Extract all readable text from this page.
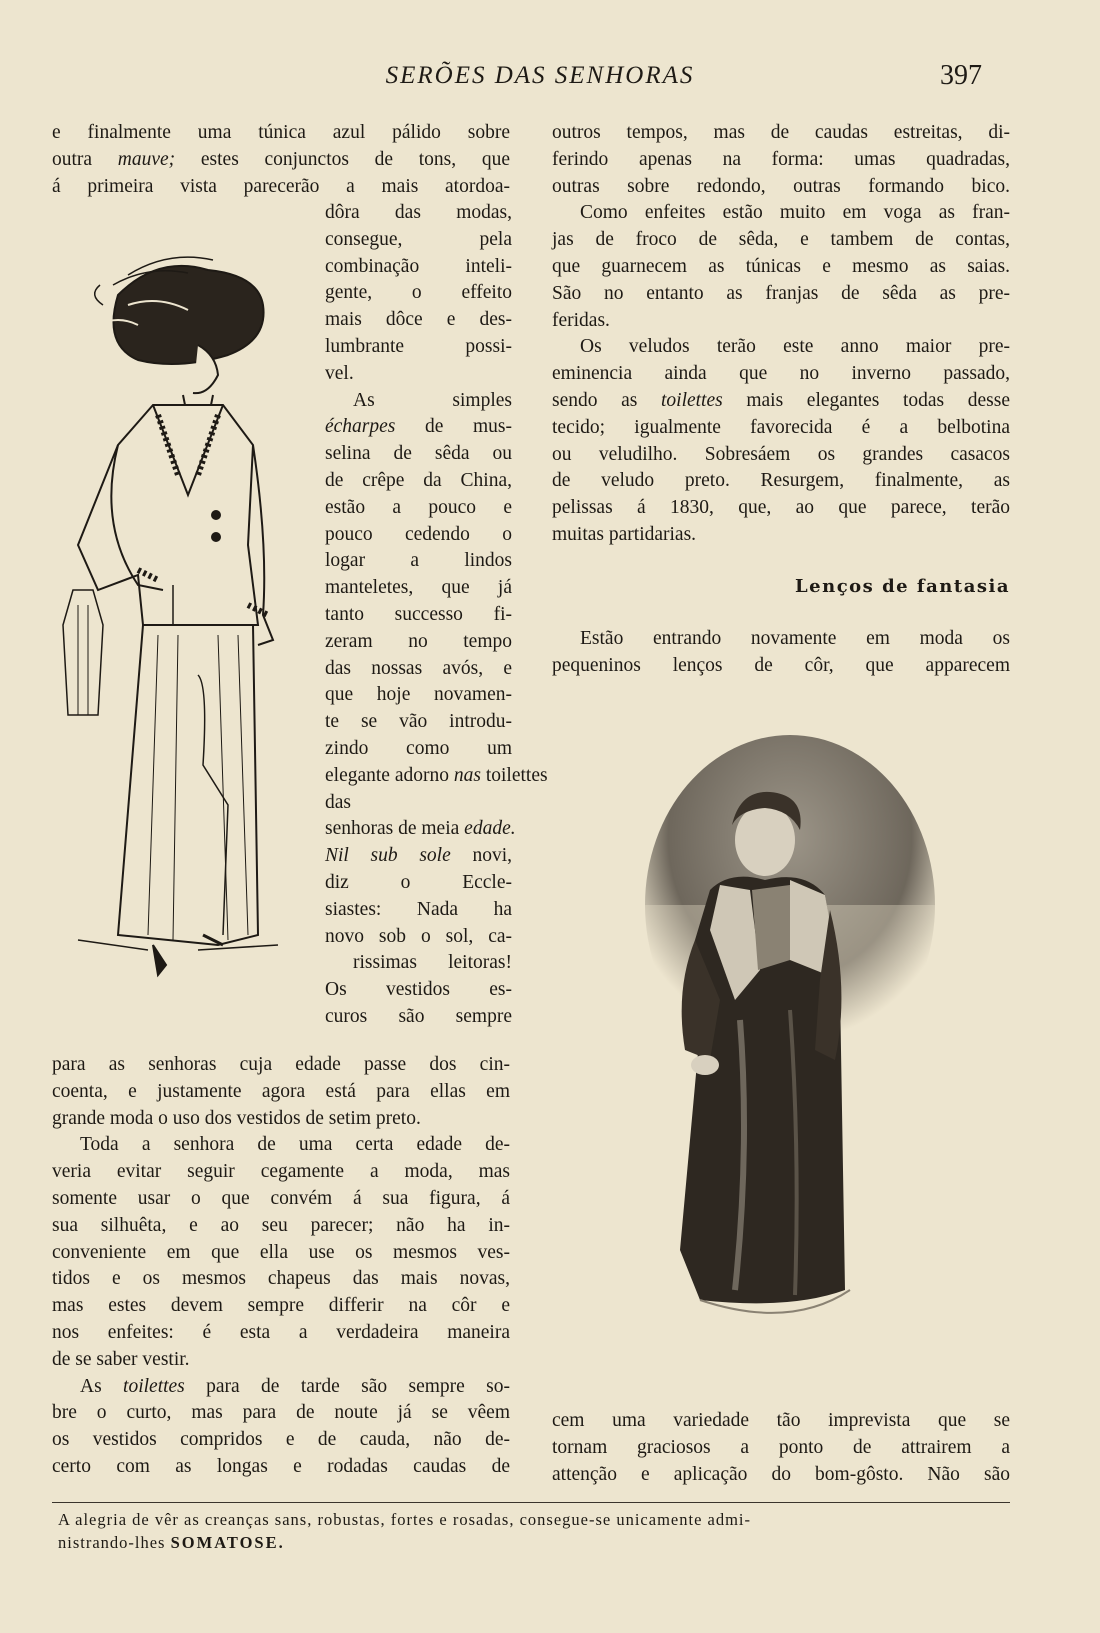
SERÕES DAS SENHORAS	397
e finalmente uma túnica azul pálido sobre
outra mauve; estes conjunctos de tons, que
á primeira vista parecerão a mais atordoa-
dôra das modas,
consegue, pela
combinação inteli-
gente, o effeito
mais dôce e des-
lumbrante possi-
vel.
As simples
écharpes de mus-
selina de sêda ou
de crêpe da China,
estão a pouco e
pouco cedendo o
logar a lindos
manteletes, que já
tanto successo fi-
zeram no tempo
das nossas avós, e
que hoje novamen-
te se vão introdu-
zindo como um
elegante adorno nas toilettes
das
senhoras de meia edade.
Nil sub sole novi,
diz o Eccle-
siastes: Nada ha
novo sob o sol, ca-
rissimas leitoras!
Os vestidos es-
curos são sempre
para as senhoras cuja edade passe dos cin-
coenta, e justamente agora está para ellas em
grande moda o uso dos vestidos de setim preto.
Toda a senhora de uma certa edade de-
veria evitar seguir cegamente a moda, mas
somente usar o que convém á sua figura, á
sua silhuêta, e ao seu parecer; não ha in-
conveniente em que ella use os mesmos ves-
tidos e os mesmos chapeus das mais novas,
mas estes devem sempre differir na côr e
nos enfeites: é esta a verdadeira maneira
de se saber vestir.
As toilettes para de tarde são sempre so-
bre o curto, mas para de noute já se vêem
os vestidos compridos e de cauda, não de-
certo com as longas e rodadas caudas de
outros tempos, mas de caudas estreitas, di-
ferindo apenas na forma: umas quadradas,
outras sobre redondo, outras formando bico.
Como enfeites estão muito em voga as fran-
jas de froco de sêda, e tambem de contas,
que guarnecem as túnicas e mesmo as saias.
São no entanto as franjas de sêda as pre-
feridas.
Os veludos terão este anno maior pre-
eminencia ainda que no inverno passado,
sendo as toilettes mais elegantes todas desse
tecido; igualmente favorecida é a belbotina
ou veludilho. Sobresáem os grandes casacos
de veludo preto. Resurgem, finalmente, as
pelissas á 1830, que, ao que parece, terão
muitas partidarias.
Lenços de fantasia
Estão entrando novamente em moda os
pequeninos lenços de côr, que apparecem
cem uma variedade tão imprevista que se
tornam graciosos a ponto de attrairem a
attenção e aplicação do bom-gôsto. Não são
A alegria de vêr as creanças sans, robustas, fortes e rosadas, consegue-se unicamente admi-
nistrando-lhes SOMATOSE.
